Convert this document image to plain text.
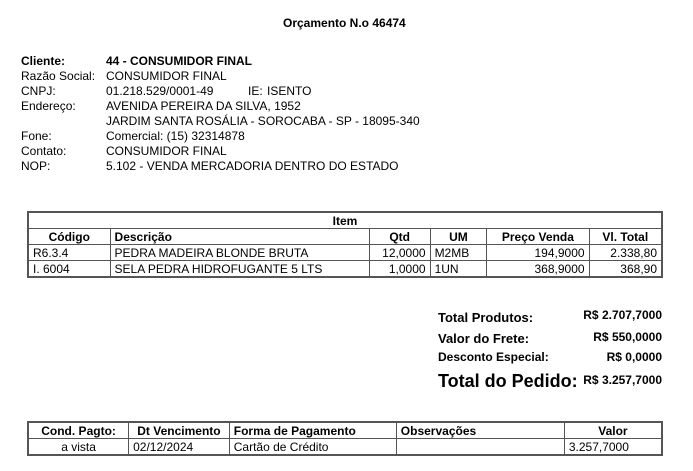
Orçamento N.o 46474
Cliente:	44 - CONSUMIDOR FINAL
Razão Social: CONSUMIDOR FINAL
CNPJ:	01.218.529/0001-49	IE: ISENTO
Endereço:	AVENIDA PEREIRA DA SILVA, 1952
JARDIM SANTA ROSÁLIA - SOROCABA - SP - 18095-340
Fone:	Comercial: (15) 32314878
Contato:	CONSUMIDOR FINAL
NOP:	5.102 - VENDA MERCADORIA DENTRO DO ESTADO
Item					
Código	Descrição	Qtd	UM	Preço Venda	Vl. Total
R6.3.4	PEDRA MADEIRA BLONDE BRUTA	12,0000	M2MB	194,9000	2.338,80
I. 6004	SELA PEDRA HIDROFUGANTE 5 LTS	1,0000	1UN	368,9000	368,90
Total Produtos:	R$ 2.707,7000
Valor do Frete:	R$ 550,0000
Desconto Especial:	R$ 0,0000
Total do Pedido: R$ 3.257,7000
Cond. Pagto:	Dt Vencimento	Forma de Pagamento	Observações	Valor
a vista	02/12/2024	Cartão de Crédito		3.257,7000
